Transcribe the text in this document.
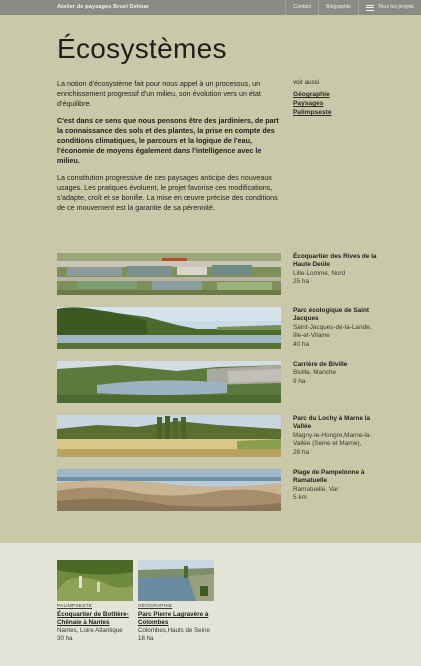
Atelier de paysages Bruel Delmar	Contact	Biographie	Tous les projets
Écosystèmes

La notion d'écosystème fait pour nous appel à un processus, un enrichissement progressif d'un milieu, son évolution vers un état d'équilibre.

C'est dans ce sens que nous pensons être des jardiniers, de part la connaissance des sols et des plantes, la prise en compte des conditions climatiques, le parcours et la logique de l'eau, l'économie de moyens également dans l'intelligence avec le milieu.

La constitution progressive de ces paysages anticipe des nouveaux usages. Les pratiques évoluent, le projet favorise ces modifications, s'adapte, croît et se bonifie. La mise en œuvre précise des conditions de ce mouvement est la garantie de sa pérennité.

voir aussi
Géographie
Paysages
Palimpseste
Écoquartier des Rives de la Haute Deûle
Lille-Lomme, Nord
25 ha
Parc écologique de Saint Jacques
Saint-Jacques-de-la-Lande, Ille-et-Vilaine
40 ha
Carrière de Biville
Biville, Manche
9 ha
Parc du Lochy à Marne la Vallée
Magny-le-Hongre,Marne-la-Vallée (Seine et Marne),
29 ha
Plage de Pampelonne à Ramatuelle
Ramatuelle, Var
5 km
PALIMPSESTE
Écoquartier de Bottière-Chênaie à Nantes
Nantes, Loire Atlantique
30 ha
GÉOGRAPHIE
Parc Pierre Lagravère à Colombes
Colombes,Hauts de Seine
18 ha
